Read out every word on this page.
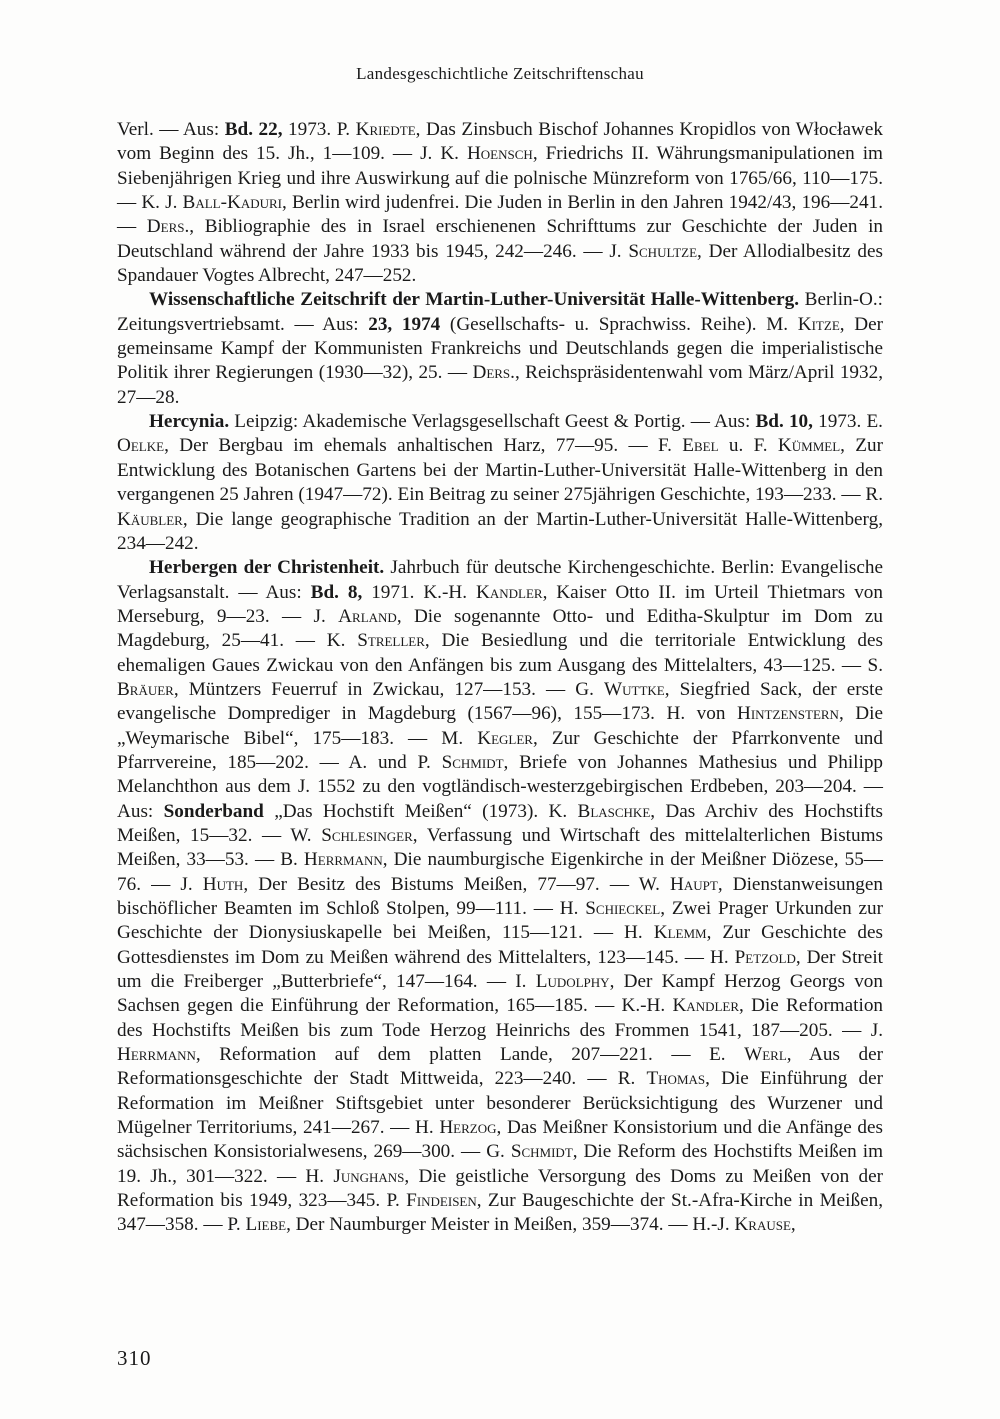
Landesgeschichtliche Zeitschriftenschau

Verl. — Aus: Bd. 22, 1973. P. Kriedte, Das Zinsbuch Bischof Johannes Kropidlos von Włocławek vom Beginn des 15. Jh., 1—109. — J. K. Hoensch, Friedrichs II. Währungsmanipulationen im Siebenjährigen Krieg und ihre Auswirkung auf die polnische Münzreform von 1765/66, 110—175. — K. J. Ball-Kaduri, Berlin wird judenfrei. Die Juden in Berlin in den Jahren 1942/43, 196—241. — Ders., Bibliographie des in Israel erschienenen Schrifttums zur Geschichte der Juden in Deutschland während der Jahre 1933 bis 1945, 242—246. — J. Schultze, Der Allodialbesitz des Spandauer Vogtes Albrecht, 247—252.

Wissenschaftliche Zeitschrift der Martin-Luther-Universität Halle-Wittenberg. Berlin-O.: Zeitungsvertriebsamt. — Aus: 23, 1974 (Gesellschafts- u. Sprachwiss. Reihe). M. Kitze, Der gemeinsame Kampf der Kommunisten Frankreichs und Deutschlands gegen die imperialistische Politik ihrer Regierungen (1930—32), 25. — Ders., Reichspräsidentenwahl vom März/April 1932, 27—28.

Hercynia. Leipzig: Akademische Verlagsgesellschaft Geest & Portig. — Aus: Bd. 10, 1973. E. Oelke, Der Bergbau im ehemals anhaltischen Harz, 77—95. — F. Ebel u. F. Kümmel, Zur Entwicklung des Botanischen Gartens bei der Martin-Luther-Universität Halle-Wittenberg in den vergangenen 25 Jahren (1947—72). Ein Beitrag zu seiner 275jährigen Geschichte, 193—233. — R. Käubler, Die lange geographische Tradition an der Martin-Luther-Universität Halle-Wittenberg, 234—242.

Herbergen der Christenheit. Jahrbuch für deutsche Kirchengeschichte. Berlin: Evangelische Verlagsanstalt. — Aus: Bd. 8, 1971. K.-H. Kandler, Kaiser Otto II. im Urteil Thietmars von Merseburg, 9—23. — J. Arland, Die sogenannte Otto- und Editha-Skulptur im Dom zu Magdeburg, 25—41. — K. Streller, Die Besiedlung und die territoriale Entwicklung des ehemaligen Gaues Zwickau von den Anfängen bis zum Ausgang des Mittelalters, 43—125. — S. Bräuer, Müntzers Feuerruf in Zwickau, 127—153. — G. Wuttke, Siegfried Sack, der erste evangelische Domprediger in Magdeburg (1567—96), 155—173. H. von Hintzenstern, Die „Weymarische Bibel“, 175—183. — M. Kegler, Zur Geschichte der Pfarrkonvente und Pfarrvereine, 185—202. — A. und P. Schmidt, Briefe von Johannes Mathesius und Philipp Melanchthon aus dem J. 1552 zu den vogtländisch-westerzgebirgischen Erdbeben, 203—204. — Aus: Sonderband „Das Hochstift Meißen“ (1973). K. Blaschke, Das Archiv des Hochstifts Meißen, 15—32. — W. Schlesinger, Verfassung und Wirtschaft des mittelalterlichen Bistums Meißen, 33—53. — B. Herrmann, Die naumburgische Eigenkirche in der Meißner Diözese, 55—76. — J. Huth, Der Besitz des Bistums Meißen, 77—97. — W. Haupt, Dienstanweisungen bischöflicher Beamten im Schloß Stolpen, 99—111. — H. Schieckel, Zwei Prager Urkunden zur Geschichte der Dionysiuskapelle bei Meißen, 115—121. — H. Klemm, Zur Geschichte des Gottesdienstes im Dom zu Meißen während des Mittelalters, 123—145. — H. Petzold, Der Streit um die Freiberger „Butterbriefe“, 147—164. — I. Ludolphy, Der Kampf Herzog Georgs von Sachsen gegen die Einführung der Reformation, 165—185. — K.-H. Kandler, Die Reformation des Hochstifts Meißen bis zum Tode Herzog Heinrichs des Frommen 1541, 187—205. — J. Herrmann, Reformation auf dem platten Lande, 207—221. — E. Werl, Aus der Reformationsgeschichte der Stadt Mittweida, 223—240. — R. Thomas, Die Einführung der Reformation im Meißner Stiftsgebiet unter besonderer Berücksichtigung des Wurzener und Mügelner Territoriums, 241—267. — H. Herzog, Das Meißner Konsistorium und die Anfänge des sächsischen Konsistorialwesens, 269—300. — G. Schmidt, Die Reform des Hochstifts Meißen im 19. Jh., 301—322. — H. Junghans, Die geistliche Versorgung des Doms zu Meißen von der Reformation bis 1949, 323—345. P. Findeisen, Zur Baugeschichte der St.-Afra-Kirche in Meißen, 347—358. — P. Liebe, Der Naumburger Meister in Meißen, 359—374. — H.-J. Krause,

310
